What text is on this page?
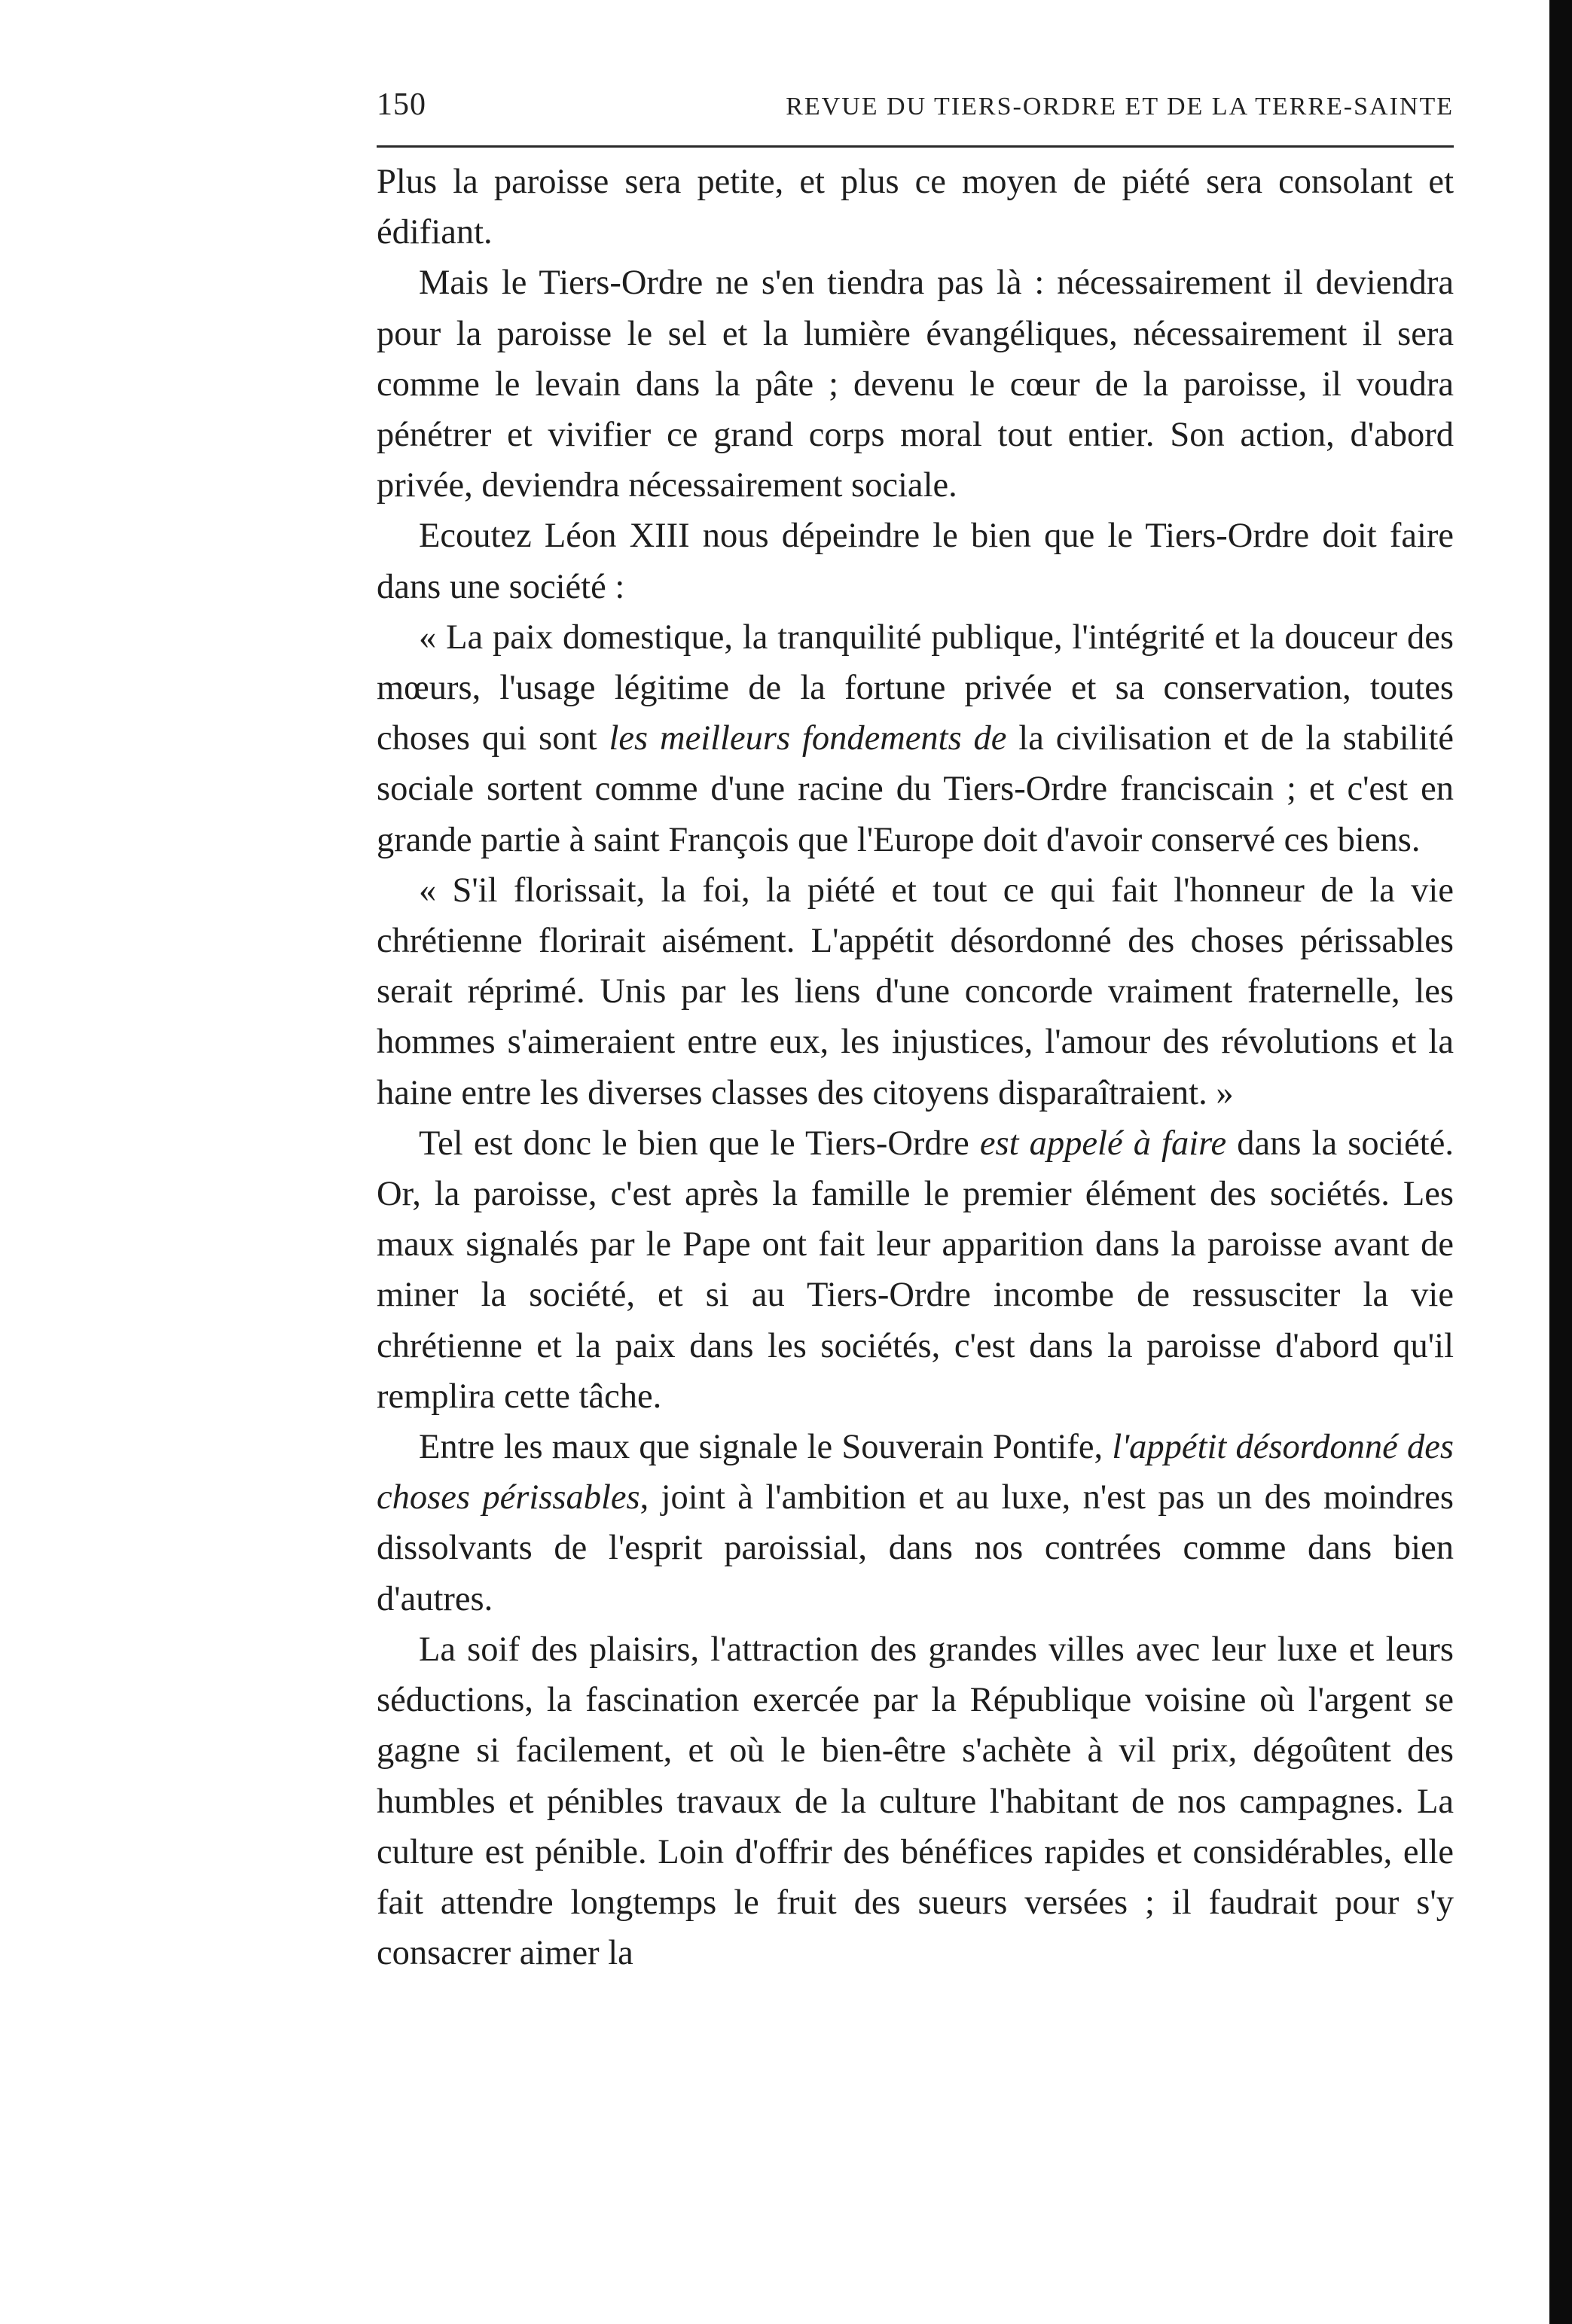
150	REVUE DU TIERS-ORDRE ET DE LA TERRE-SAINTE

Plus la paroisse sera petite, et plus ce moyen de piété sera consolant et édifiant.

Mais le Tiers-Ordre ne s'en tiendra pas là : nécessairement il deviendra pour la paroisse le sel et la lumière évangéliques, nécessairement il sera comme le levain dans la pâte ; devenu le cœur de la paroisse, il voudra pénétrer et vivifier ce grand corps moral tout entier. Son action, d'abord privée, deviendra nécessairement sociale.

Ecoutez Léon XIII nous dépeindre le bien que le Tiers-Ordre doit faire dans une société :

« La paix domestique, la tranquilité publique, l'intégrité et la douceur des mœurs, l'usage légitime de la fortune privée et sa conservation, toutes choses qui sont les meilleurs fondements de la civilisation et de la stabilité sociale sortent comme d'une racine du Tiers-Ordre franciscain ; et c'est en grande partie à saint François que l'Europe doit d'avoir conservé ces biens.

« S'il florissait, la foi, la piété et tout ce qui fait l'honneur de la vie chrétienne florirait aisément. L'appétit désordonné des choses périssables serait réprimé. Unis par les liens d'une concorde vraiment fraternelle, les hommes s'aimeraient entre eux, les injustices, l'amour des révolutions et la haine entre les diverses classes des citoyens disparaîtraient. »

Tel est donc le bien que le Tiers-Ordre est appelé à faire dans la société. Or, la paroisse, c'est après la famille le premier élément des sociétés. Les maux signalés par le Pape ont fait leur apparition dans la paroisse avant de miner la société, et si au Tiers-Ordre incombe de ressusciter la vie chrétienne et la paix dans les sociétés, c'est dans la paroisse d'abord qu'il remplira cette tâche.

Entre les maux que signale le Souverain Pontife, l'appétit désordonné des choses périssables, joint à l'ambition et au luxe, n'est pas un des moindres dissolvants de l'esprit paroissial, dans nos contrées comme dans bien d'autres.

La soif des plaisirs, l'attraction des grandes villes avec leur luxe et leurs séductions, la fascination exercée par la République voisine où l'argent se gagne si facilement, et où le bien-être s'achète à vil prix, dégoûtent des humbles et pénibles travaux de la culture l'habitant de nos campagnes. La culture est pénible. Loin d'offrir des bénéfices rapides et considérables, elle fait attendre longtemps le fruit des sueurs versées ; il faudrait pour s'y consacrer aimer la
